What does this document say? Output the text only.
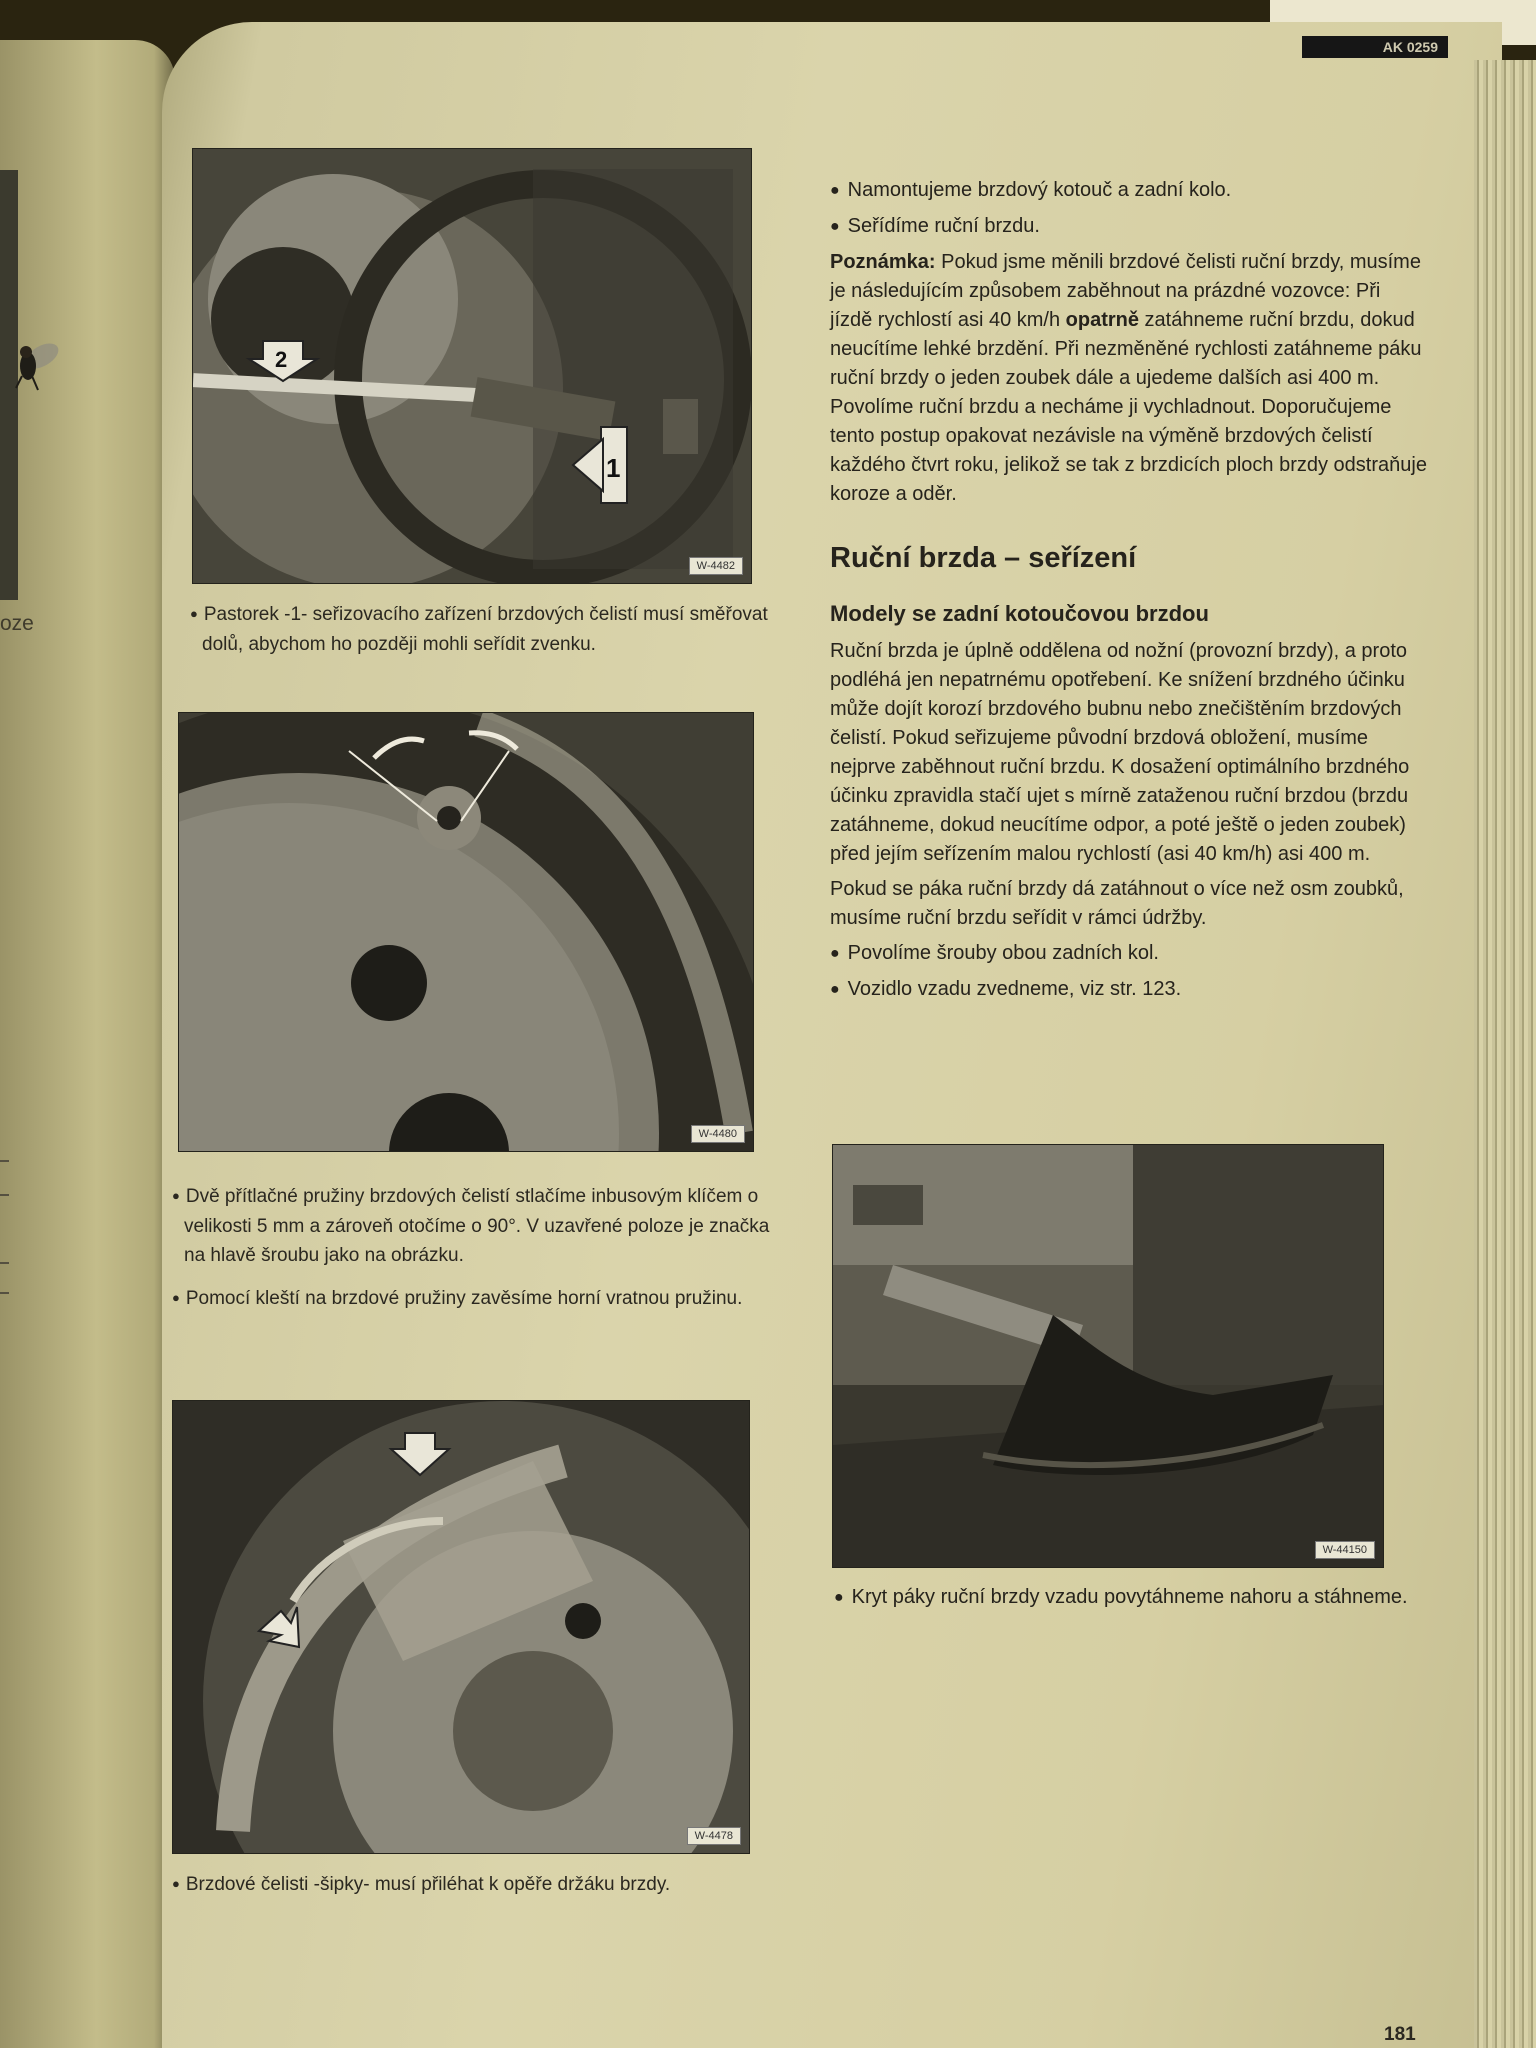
oze
AK 0259
2
1
W-4482

● Pastorek -1- seřizovacího zařízení brzdových čelistí musí směřovat dolů, abychom ho později mohli seřídit zvenku.

W-4480

● Dvě přítlačné pružiny brzdových čelistí stlačíme inbusovým klíčem o velikosti 5 mm a zároveň otočíme o 90°. V uzavřené poloze je značka na hlavě šroubu jako na obrázku.

● Pomocí kleští na brzdové pružiny zavěsíme horní vratnou pružinu.

W-4478

● Brzdové čelisti -šipky- musí přiléhat k opěře držáku brzdy.

● Namontujeme brzdový kotouč a zadní kolo.
● Seřídíme ruční brzdu.
Poznámka: Pokud jsme měnili brzdové čelisti ruční brzdy, musíme je následujícím způsobem zaběhnout na prázdné vozovce: Při jízdě rychlostí asi 40 km/h opatrně zatáhneme ruční brzdu, dokud neucítíme lehké brzdění. Při nezměněné rychlosti zatáhneme páku ruční brzdy o jeden zoubek dále a ujedeme dalších asi 400 m. Povolíme ruční brzdu a necháme ji vychladnout. Doporučujeme tento postup opakovat nezávisle na výměně brzdových čelistí každého čtvrt roku, jelikož se tak z brzdicích ploch brzdy odstraňuje koroze a oděr.
Ruční brzda – seřízení
Modely se zadní kotoučovou brzdou
Ruční brzda je úplně oddělena od nožní (provozní brzdy), a proto podléhá jen nepatrnému opotřebení. Ke snížení brzdného účinku může dojít korozí brzdového bubnu nebo znečištěním brzdových čelistí. Pokud seřizujeme původní brzdová obložení, musíme nejprve zaběhnout ruční brzdu. K dosažení optimálního brzdného účinku zpravidla stačí ujet s mírně zataženou ruční brzdou (brzdu zatáhneme, dokud neucítíme odpor, a poté ještě o jeden zoubek) před jejím seřízením malou rychlostí (asi 40 km/h) asi 400 m.
Pokud se páka ruční brzdy dá zatáhnout o více než osm zoubků, musíme ruční brzdu seřídit v rámci údržby.
● Povolíme šrouby obou zadních kol.
● Vozidlo vzadu zvedneme, viz str. 123.
W-44150

● Kryt páky ruční brzdy vzadu povytáhneme nahoru a stáhneme.

181
